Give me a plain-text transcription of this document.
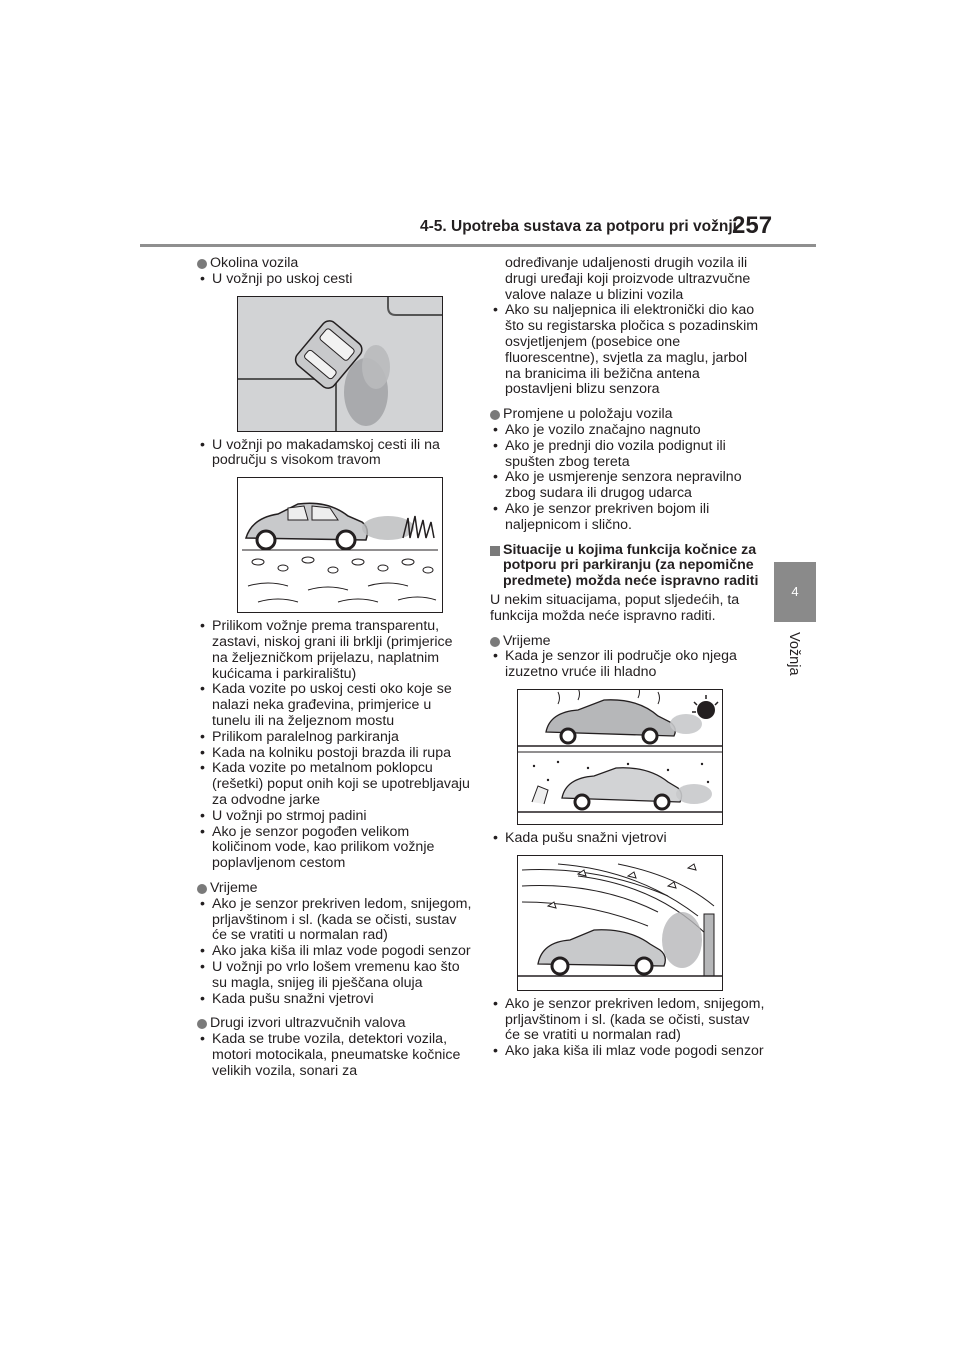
4-5. Upotreba sustava za potporu pri vožnji
257
4
Vožnja
Okolina vozila
• U vožnji po uskoj cesti
• U vožnji po makadamskoj cesti ili na području s visokom travom
• Prilikom vožnje prema transparentu, zastavi, niskoj grani ili brklji (primjerice na željezničkom prijelazu, naplatnim kućicama i parkiralištu)
• Kada vozite po uskoj cesti oko koje se nalazi neka građevina, primjerice u tunelu ili na željeznom mostu
• Prilikom paralelnog parkiranja
• Kada na kolniku postoji brazda ili rupa
• Kada vozite po metalnom poklopcu (rešetki) poput onih koji se upotrebljavaju za odvodne jarke
• U vožnji po strmoj padini
• Ako je senzor pogođen velikom količinom vode, kao prilikom vožnje poplavljenom cestom
Vrijeme
• Ako je senzor prekriven ledom, snijegom, prljavštinom i sl. (kada se očisti, sustav će se vratiti u normalan rad)
• Ako jaka kiša ili mlaz vode pogodi senzor
• U vožnji po vrlo lošem vremenu kao što su magla, snijeg ili pješčana oluja
• Kada pušu snažni vjetrovi
Drugi izvori ultrazvučnih valova
• Kada se trube vozila, detektori vozila, motori motocikala, pneumatske kočnice velikih vozila, sonari za
određivanje udaljenosti drugih vozila ili drugi uređaji koji proizvode ultrazvučne valove nalaze u blizini vozila
• Ako su naljepnica ili elektronički dio kao što su registarska pločica s pozadinskim osvjetljenjem (posebice one fluorescentne), svjetla za maglu, jarbol na branicima ili bežična antena postavljeni blizu senzora
Promjene u položaju vozila
• Ako je vozilo značajno nagnuto
• Ako je prednji dio vozila podignut ili spušten zbog tereta
• Ako je usmjerenje senzora nepravilno zbog sudara ili drugog udarca
• Ako je senzor prekriven bojom ili naljepnicom i slično.
Situacije u kojima funkcija kočnice za potporu pri parkiranju (za nepomične predmete) možda neće ispravno raditi
U nekim situacijama, poput sljedećih, ta funkcija možda neće ispravno raditi.
Vrijeme
• Kada je senzor ili područje oko njega izuzetno vruće ili hladno
• Kada pušu snažni vjetrovi
• Ako je senzor prekriven ledom, snijegom, prljavštinom i sl. (kada se očisti, sustav će se vratiti u normalan rad)
• Ako jaka kiša ili mlaz vode pogodi senzor
